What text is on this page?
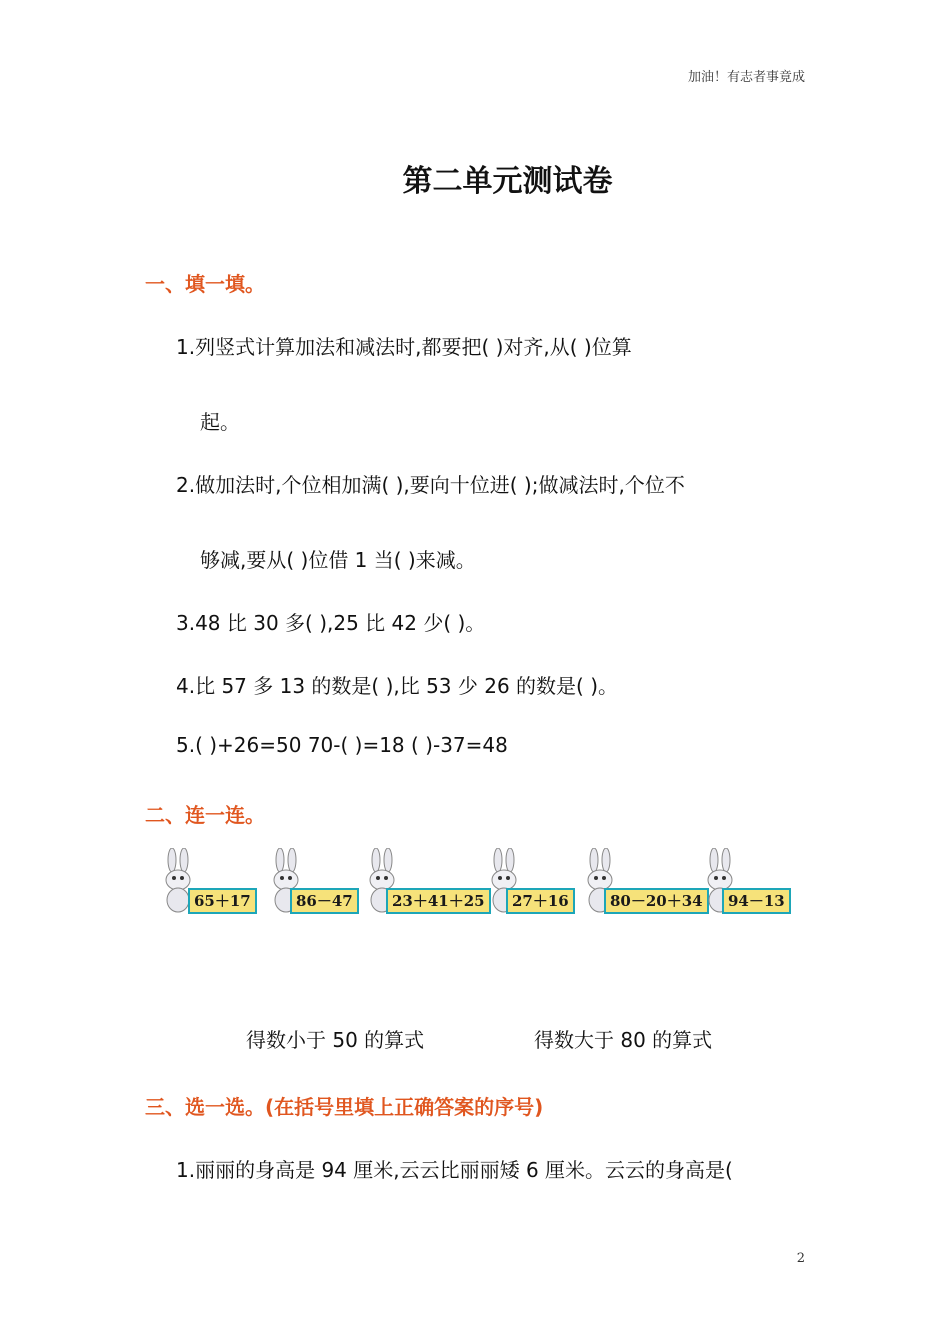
加油！有志者事竟成
第二单元测试卷
一、填一填。
1.列竖式计算加法和减法时,都要把( )对齐,从( )位算
起。
2.做加法时,个位相加满( ),要向十位进( );做减法时,个位不
够减,要从( )位借 1 当( )来减。
3.48 比 30 多( ),25 比 42 少( )。
4.比 57 多 13 的数是( ),比 53 少 26 的数是( )。
5.( )+26=50 70-( )=18 ( )-37=48
二、连一连。
65＋17	86－47	23＋41＋25	27＋16	80－20＋34	94－13
得数小于 50 的算式	得数大于 80 的算式
三、选一选。(在括号里填上正确答案的序号)
1.丽丽的身高是 94 厘米,云云比丽丽矮 6 厘米。云云的身高是(
2
